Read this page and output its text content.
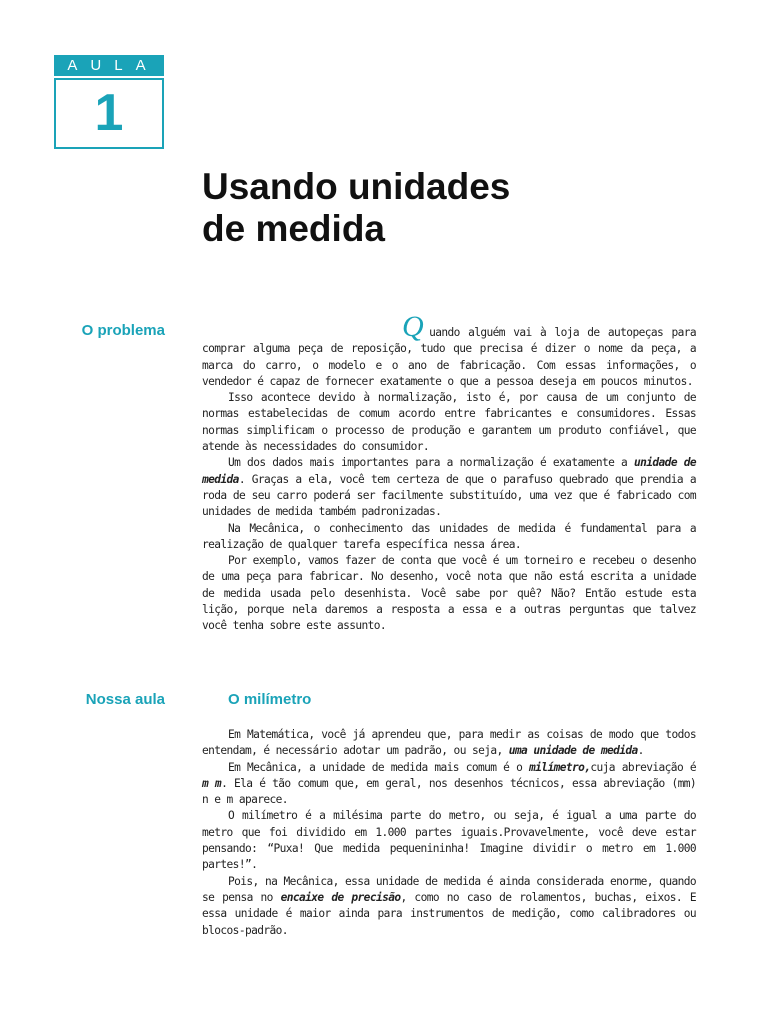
AULA
1
Usando unidades
de medida
O problema	Quando alguém vai à loja de autopeças para comprar alguma peça de reposição, tudo que precisa é dizer o nome da peça, a marca do carro, o modelo e o ano de fabricação. Com essas informações, o vendedor é capaz de fornecer exatamente o que a pessoa deseja em poucos minutos.

Isso acontece devido à normalização, isto é, por causa de um conjunto de normas estabelecidas de comum acordo entre fabricantes e consumidores. Essas normas simplificam o processo de produção e garantem um produto confiável, que atende às necessidades do consumidor.

Um dos dados mais importantes para a normalização é exatamente a unidade de medida. Graças a ela, você tem certeza de que o parafuso quebrado que prendia a roda de seu carro poderá ser facilmente substituído, uma vez que é fabricado com unidades de medida também padronizadas.

Na Mecânica, o conhecimento das unidades de medida é fundamental para a realização de qualquer tarefa específica nessa área.

Por exemplo, vamos fazer de conta que você é um torneiro e recebeu o desenho de uma peça para fabricar. No desenho, você nota que não está escrita a unidade de medida usada pelo desenhista. Você sabe por quê? Não? Então estude esta lição, porque nela daremos a resposta a essa e a outras perguntas que talvez você tenha sobre este assunto.

Nossa aula	O milímetro

Em Matemática, você já aprendeu que, para medir as coisas de modo que todos entendam, é necessário adotar um padrão, ou seja, uma unidade de medida.

Em Mecânica, a unidade de medida mais comum é o milímetro,cuja abreviação é m m. Ela é tão comum que, em geral, nos desenhos técnicos, essa abreviação (mm) n e m aparece.

O milímetro é a milésima parte do metro, ou seja, é igual a uma parte do metro que foi dividido em 1.000 partes iguais.Provavelmente, você deve estar pensando: “Puxa! Que medida pequenininha! Imagine dividir o metro em 1.000 partes!”.

Pois, na Mecânica, essa unidade de medida é ainda considerada enorme, quando se pensa no encaixe de precisão, como no caso de rolamentos, buchas, eixos. E essa unidade é maior ainda para instrumentos de medição, como calibradores ou blocos-padrão.
